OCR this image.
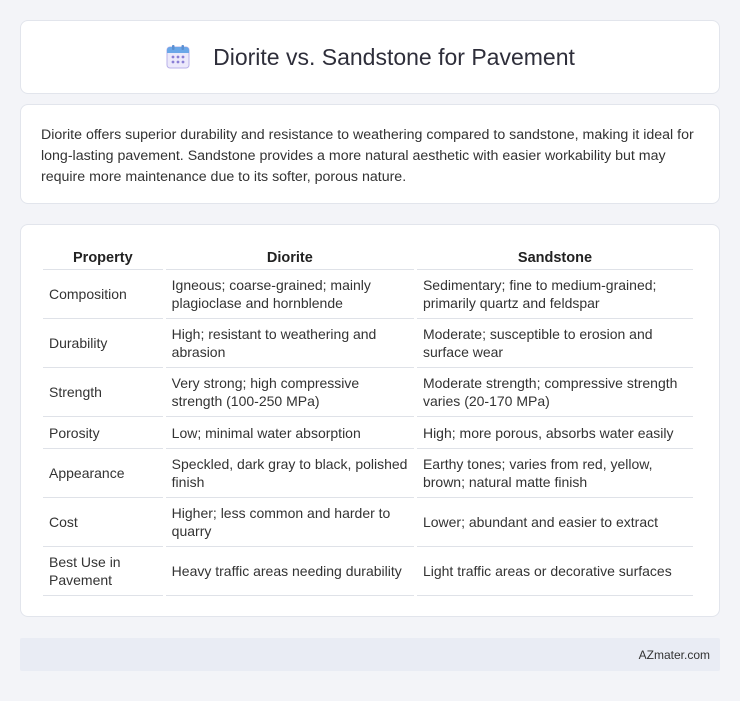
Diorite vs. Sandstone for Pavement

Diorite offers superior durability and resistance to weathering compared to sandstone, making it ideal for long-lasting pavement. Sandstone provides a more natural aesthetic with easier workability but may require more maintenance due to its softer, porous nature.

Property	Diorite	Sandstone
Composition	Igneous; coarse-grained; mainly plagioclase and hornblende	Sedimentary; fine to medium-grained; primarily quartz and feldspar
Durability	High; resistant to weathering and abrasion	Moderate; susceptible to erosion and surface wear
Strength	Very strong; high compressive strength (100-250 MPa)	Moderate strength; compressive strength varies (20-170 MPa)
Porosity	Low; minimal water absorption	High; more porous, absorbs water easily
Appearance	Speckled, dark gray to black, polished finish	Earthy tones; varies from red, yellow, brown; natural matte finish
Cost	Higher; less common and harder to quarry	Lower; abundant and easier to extract
Best Use in Pavement	Heavy traffic areas needing durability	Light traffic areas or decorative surfaces
AZmater.com
